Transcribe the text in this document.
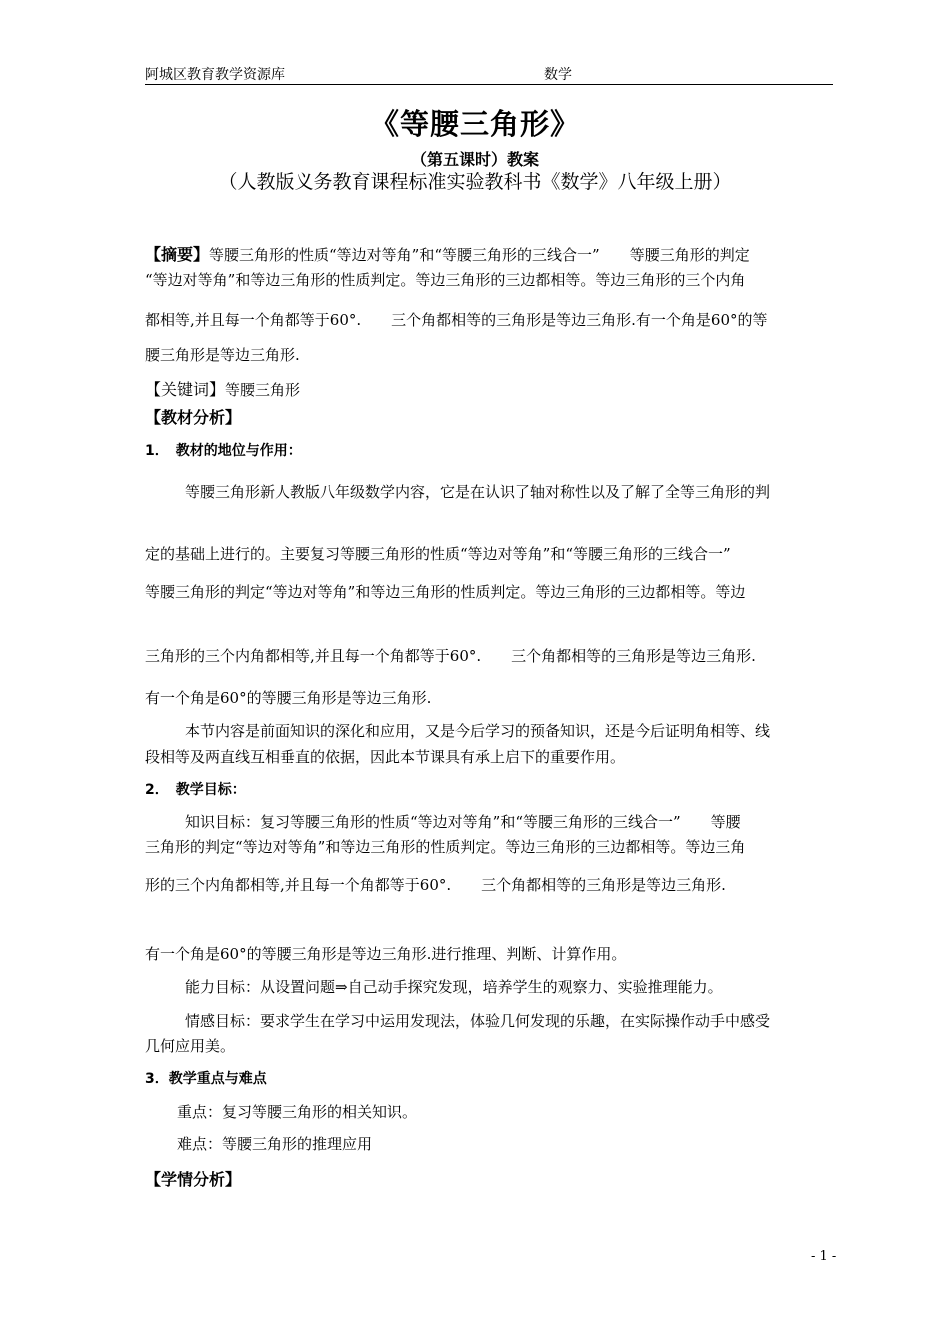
阿城区教育教学资源库	数学
《等腰三角形》
（第五课时）教案
（人教版义务教育课程标准实验教科书《数学》八年级上册）
【摘要】等腰三角形的性质“等边对等角”和“等腰三角形的三线合一”　　等腰三角形的判定
“等边对等角”和等边三角形的性质判定。等边三角形的三边都相等。等边三角形的三个内角
都相等,并且每一个角都等于60°.　　三个角都相等的三角形是等边三角形.有一个角是60°的等
腰三角形是等边三角形.
【关键词】等腰三角形
【教材分析】
1．　教材的地位与作用：
等腰三角形新人教版八年级数学内容，它是在认识了轴对称性以及了解了全等三角形的判
定的基础上进行的。主要复习等腰三角形的性质“等边对等角”和“等腰三角形的三线合一”
等腰三角形的判定“等边对等角”和等边三角形的性质判定。等边三角形的三边都相等。等边
三角形的三个内角都相等,并且每一个角都等于60°.　　三个角都相等的三角形是等边三角形.
有一个角是60°的等腰三角形是等边三角形.
本节内容是前面知识的深化和应用，又是今后学习的预备知识，还是今后证明角相等、线
段相等及两直线互相垂直的依据，因此本节课具有承上启下的重要作用。
2．　教学目标：
知识目标：复习等腰三角形的性质“等边对等角”和“等腰三角形的三线合一”　　等腰
三角形的判定“等边对等角”和等边三角形的性质判定。等边三角形的三边都相等。等边三角
形的三个内角都相等,并且每一个角都等于60°.　　三个角都相等的三角形是等边三角形.
有一个角是60°的等腰三角形是等边三角形.进行推理、判断、计算作用。
能力目标：从设置问题⇒自己动手探究发现，培养学生的观察力、实验推理能力。
情感目标：要求学生在学习中运用发现法，体验几何发现的乐趣，在实际操作动手中感受
几何应用美。
3．教学重点与难点
重点：复习等腰三角形的相关知识。
难点：等腰三角形的推理应用
【学情分析】
- 1 -
